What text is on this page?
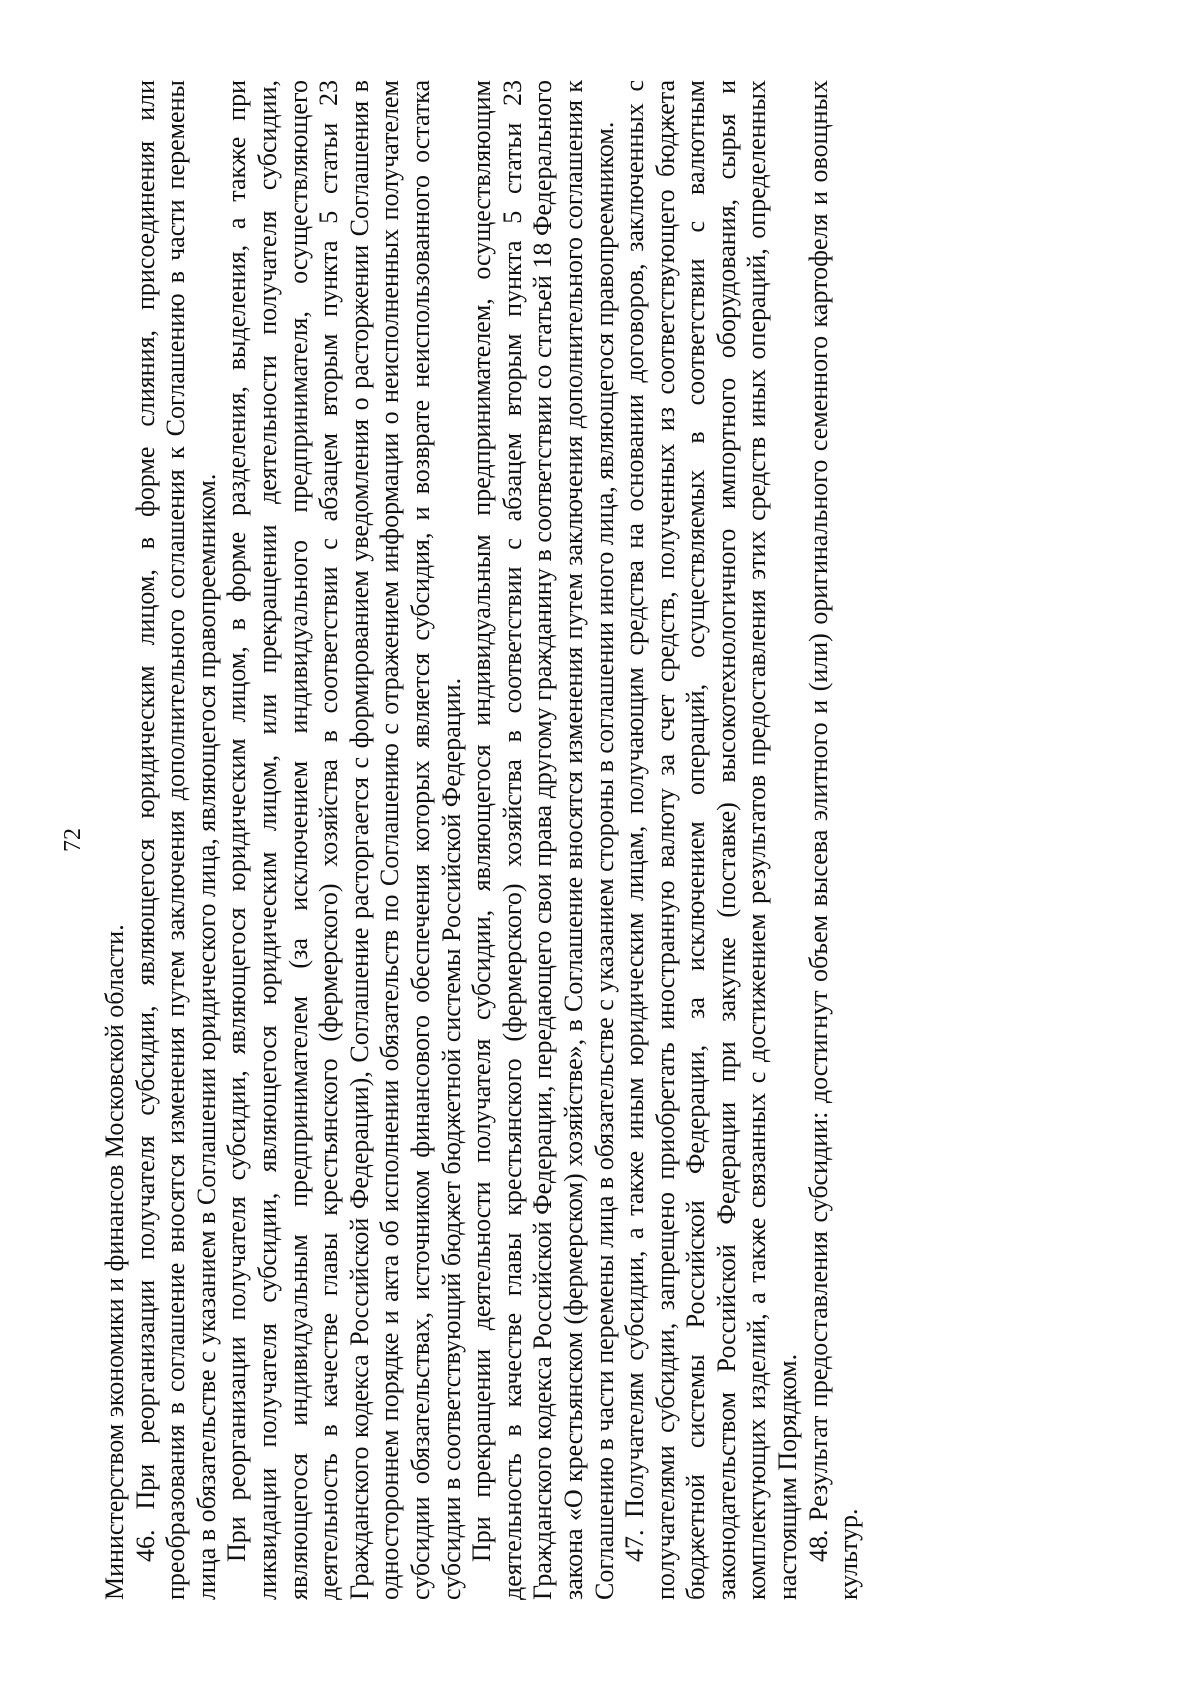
72

Министерством экономики и финансов Московской области. 46. При реорганизации получателя субсидии, являющегося юридическим лицом, в форме слияния, присоединения или преобразования в соглашение вносятся изменения путем заключения дополнительного соглашения к Соглашению в части перемены лица в обязательстве с указанием в Соглашении юридического лица, являющегося правопреемником. При реорганизации получателя субсидии, являющегося юридическим лицом, в форме разделения, выделения, а также при ликвидации получателя субсидии, являющегося юридическим лицом, или прекращении деятельности получателя субсидии, являющегося индивидуальным предпринимателем (за исключением индивидуального предпринимателя, осуществляющего деятельность в качестве главы крестьянского (фермерского) хозяйства в соответствии с абзацем вторым пункта 5 статьи 23 Гражданского кодекса Российской Федерации), Соглашение расторгается с формированием уведомления о расторжении Соглашения в одностороннем порядке и акта об исполнении обязательств по Соглашению с отражением информации о неисполненных получателем субсидии обязательствах, источником финансового обеспечения которых является субсидия, и возврате неиспользованного остатка субсидии в соответствующий бюджет бюджетной системы Российской Федерации. При прекращении деятельности получателя субсидии, являющегося индивидуальным предпринимателем, осуществляющим деятельность в качестве главы крестьянского (фермерского) хозяйства в соответствии с абзацем вторым пункта 5 статьи 23 Гражданского кодекса Российской Федерации, передающего свои права другому гражданину в соответствии со статьей 18 Федерального закона «О крестьянском (фермерском) хозяйстве», в Соглашение вносятся изменения путем заключения дополнительного соглашения к Соглашению в части перемены лица в обязательстве с указанием стороны в соглашении иного лица, являющегося правопреемником. 47. Получателям субсидии, а также иным юридическим лицам, получающим средства на основании договоров, заключенных с получателями субсидии, запрещено приобретать иностранную валюту за счет средств, полученных из соответствующего бюджета бюджетной системы Российской Федерации, за исключением операций, осуществляемых в соответствии с валютным законодательством Российской Федерации при закупке (поставке) высокотехнологичного импортного оборудования, сырья и комплектующих изделий, а также связанных с достижением результатов предоставления этих средств иных операций, определенных настоящим Порядком. 48. Результат предоставления субсидии: достигнут объем высева элитного и (или) оригинального семенного картофеля и овощных культур.
